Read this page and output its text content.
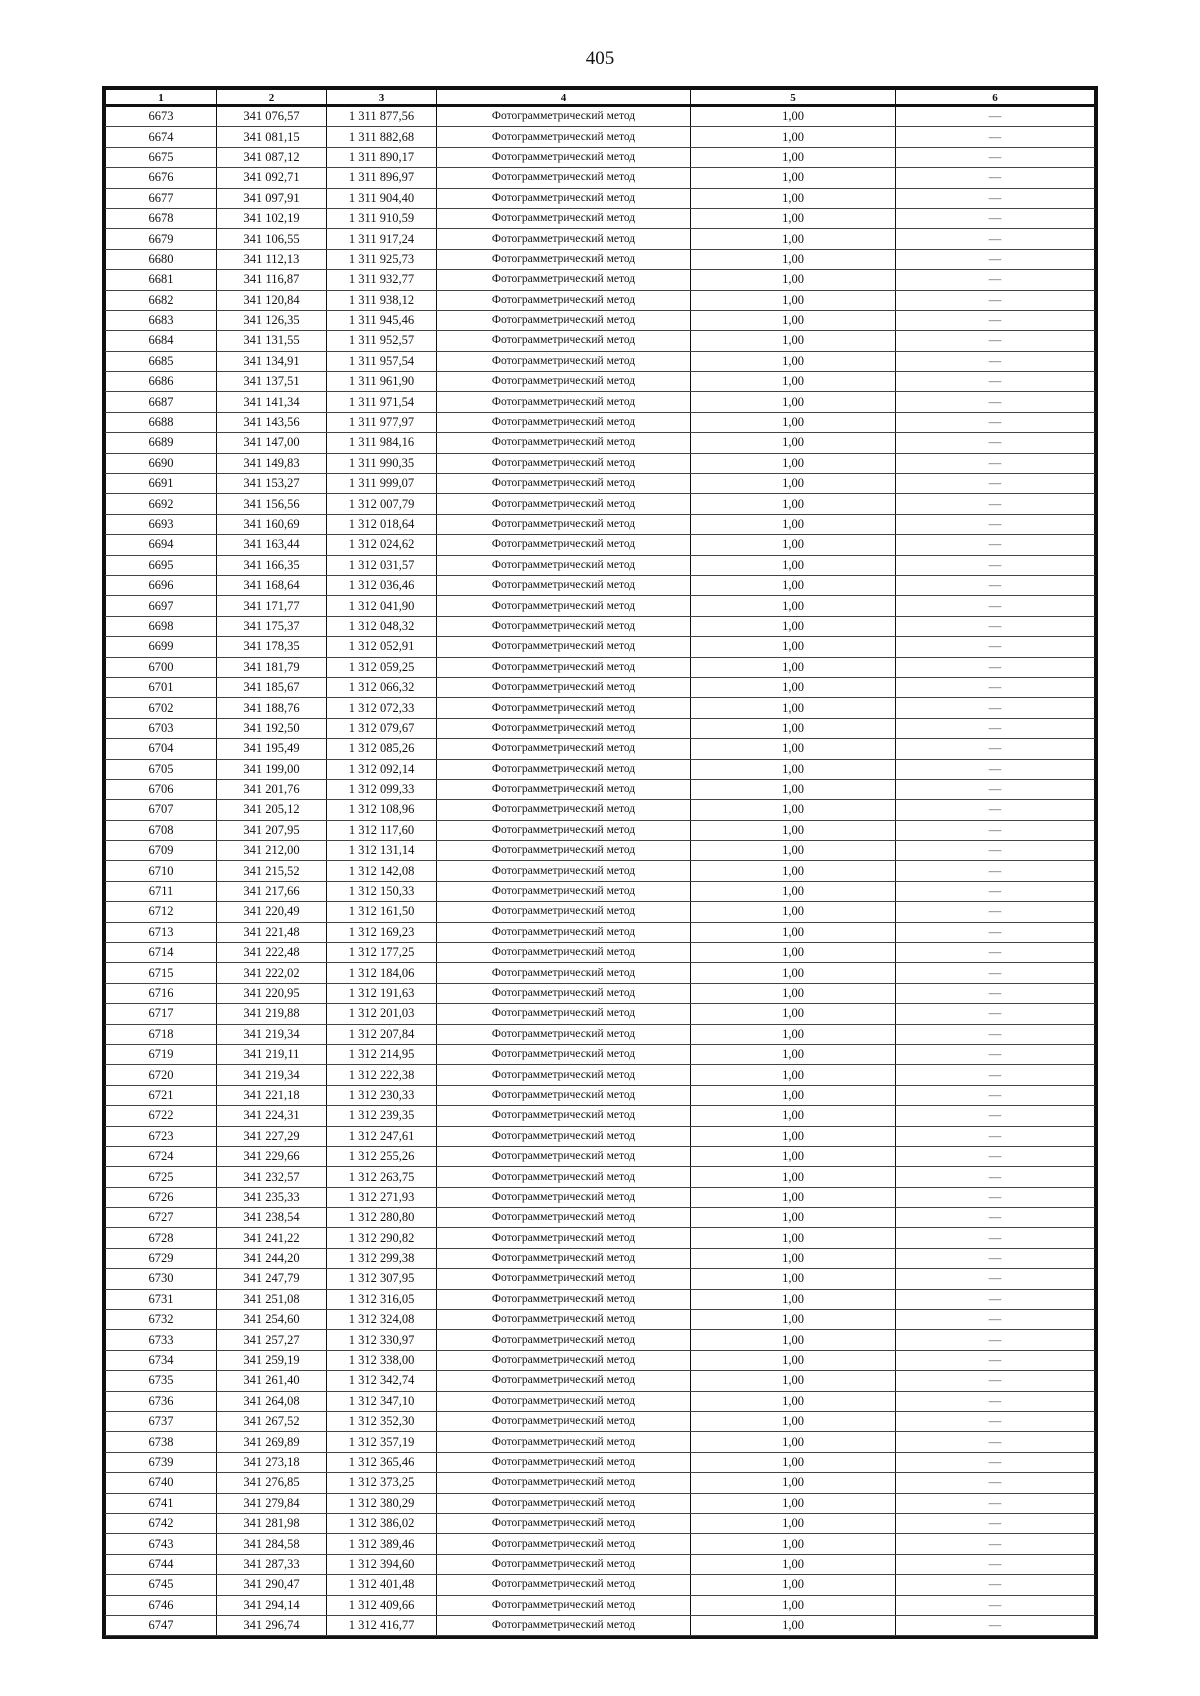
405
1	2	3	4	5	6
6673	341 076,57	1 311 877,56	Фотограмметрический метод	1,00	—
6674	341 081,15	1 311 882,68	Фотограмметрический метод	1,00	—
6675	341 087,12	1 311 890,17	Фотограмметрический метод	1,00	—
6676	341 092,71	1 311 896,97	Фотограмметрический метод	1,00	—
6677	341 097,91	1 311 904,40	Фотограмметрический метод	1,00	—
6678	341 102,19	1 311 910,59	Фотограмметрический метод	1,00	—
6679	341 106,55	1 311 917,24	Фотограмметрический метод	1,00	—
6680	341 112,13	1 311 925,73	Фотограмметрический метод	1,00	—
6681	341 116,87	1 311 932,77	Фотограмметрический метод	1,00	—
6682	341 120,84	1 311 938,12	Фотограмметрический метод	1,00	—
6683	341 126,35	1 311 945,46	Фотограмметрический метод	1,00	—
6684	341 131,55	1 311 952,57	Фотограмметрический метод	1,00	—
6685	341 134,91	1 311 957,54	Фотограмметрический метод	1,00	—
6686	341 137,51	1 311 961,90	Фотограмметрический метод	1,00	—
6687	341 141,34	1 311 971,54	Фотограмметрический метод	1,00	—
6688	341 143,56	1 311 977,97	Фотограмметрический метод	1,00	—
6689	341 147,00	1 311 984,16	Фотограмметрический метод	1,00	—
6690	341 149,83	1 311 990,35	Фотограмметрический метод	1,00	—
6691	341 153,27	1 311 999,07	Фотограмметрический метод	1,00	—
6692	341 156,56	1 312 007,79	Фотограмметрический метод	1,00	—
6693	341 160,69	1 312 018,64	Фотограмметрический метод	1,00	—
6694	341 163,44	1 312 024,62	Фотограмметрический метод	1,00	—
6695	341 166,35	1 312 031,57	Фотограмметрический метод	1,00	—
6696	341 168,64	1 312 036,46	Фотограмметрический метод	1,00	—
6697	341 171,77	1 312 041,90	Фотограмметрический метод	1,00	—
6698	341 175,37	1 312 048,32	Фотограмметрический метод	1,00	—
6699	341 178,35	1 312 052,91	Фотограмметрический метод	1,00	—
6700	341 181,79	1 312 059,25	Фотограмметрический метод	1,00	—
6701	341 185,67	1 312 066,32	Фотограмметрический метод	1,00	—
6702	341 188,76	1 312 072,33	Фотограмметрический метод	1,00	—
6703	341 192,50	1 312 079,67	Фотограмметрический метод	1,00	—
6704	341 195,49	1 312 085,26	Фотограмметрический метод	1,00	—
6705	341 199,00	1 312 092,14	Фотограмметрический метод	1,00	—
6706	341 201,76	1 312 099,33	Фотограмметрический метод	1,00	—
6707	341 205,12	1 312 108,96	Фотограмметрический метод	1,00	—
6708	341 207,95	1 312 117,60	Фотограмметрический метод	1,00	—
6709	341 212,00	1 312 131,14	Фотограмметрический метод	1,00	—
6710	341 215,52	1 312 142,08	Фотограмметрический метод	1,00	—
6711	341 217,66	1 312 150,33	Фотограмметрический метод	1,00	—
6712	341 220,49	1 312 161,50	Фотограмметрический метод	1,00	—
6713	341 221,48	1 312 169,23	Фотограмметрический метод	1,00	—
6714	341 222,48	1 312 177,25	Фотограмметрический метод	1,00	—
6715	341 222,02	1 312 184,06	Фотограмметрический метод	1,00	—
6716	341 220,95	1 312 191,63	Фотограмметрический метод	1,00	—
6717	341 219,88	1 312 201,03	Фотограмметрический метод	1,00	—
6718	341 219,34	1 312 207,84	Фотограмметрический метод	1,00	—
6719	341 219,11	1 312 214,95	Фотограмметрический метод	1,00	—
6720	341 219,34	1 312 222,38	Фотограмметрический метод	1,00	—
6721	341 221,18	1 312 230,33	Фотограмметрический метод	1,00	—
6722	341 224,31	1 312 239,35	Фотограмметрический метод	1,00	—
6723	341 227,29	1 312 247,61	Фотограмметрический метод	1,00	—
6724	341 229,66	1 312 255,26	Фотограмметрический метод	1,00	—
6725	341 232,57	1 312 263,75	Фотограмметрический метод	1,00	—
6726	341 235,33	1 312 271,93	Фотограмметрический метод	1,00	—
6727	341 238,54	1 312 280,80	Фотограмметрический метод	1,00	—
6728	341 241,22	1 312 290,82	Фотограмметрический метод	1,00	—
6729	341 244,20	1 312 299,38	Фотограмметрический метод	1,00	—
6730	341 247,79	1 312 307,95	Фотограмметрический метод	1,00	—
6731	341 251,08	1 312 316,05	Фотограмметрический метод	1,00	—
6732	341 254,60	1 312 324,08	Фотограмметрический метод	1,00	—
6733	341 257,27	1 312 330,97	Фотограмметрический метод	1,00	—
6734	341 259,19	1 312 338,00	Фотограмметрический метод	1,00	—
6735	341 261,40	1 312 342,74	Фотограмметрический метод	1,00	—
6736	341 264,08	1 312 347,10	Фотограмметрический метод	1,00	—
6737	341 267,52	1 312 352,30	Фотограмметрический метод	1,00	—
6738	341 269,89	1 312 357,19	Фотограмметрический метод	1,00	—
6739	341 273,18	1 312 365,46	Фотограмметрический метод	1,00	—
6740	341 276,85	1 312 373,25	Фотограмметрический метод	1,00	—
6741	341 279,84	1 312 380,29	Фотограмметрический метод	1,00	—
6742	341 281,98	1 312 386,02	Фотограмметрический метод	1,00	—
6743	341 284,58	1 312 389,46	Фотограмметрический метод	1,00	—
6744	341 287,33	1 312 394,60	Фотограмметрический метод	1,00	—
6745	341 290,47	1 312 401,48	Фотограмметрический метод	1,00	—
6746	341 294,14	1 312 409,66	Фотограмметрический метод	1,00	—
6747	341 296,74	1 312 416,77	Фотограмметрический метод	1,00	—
